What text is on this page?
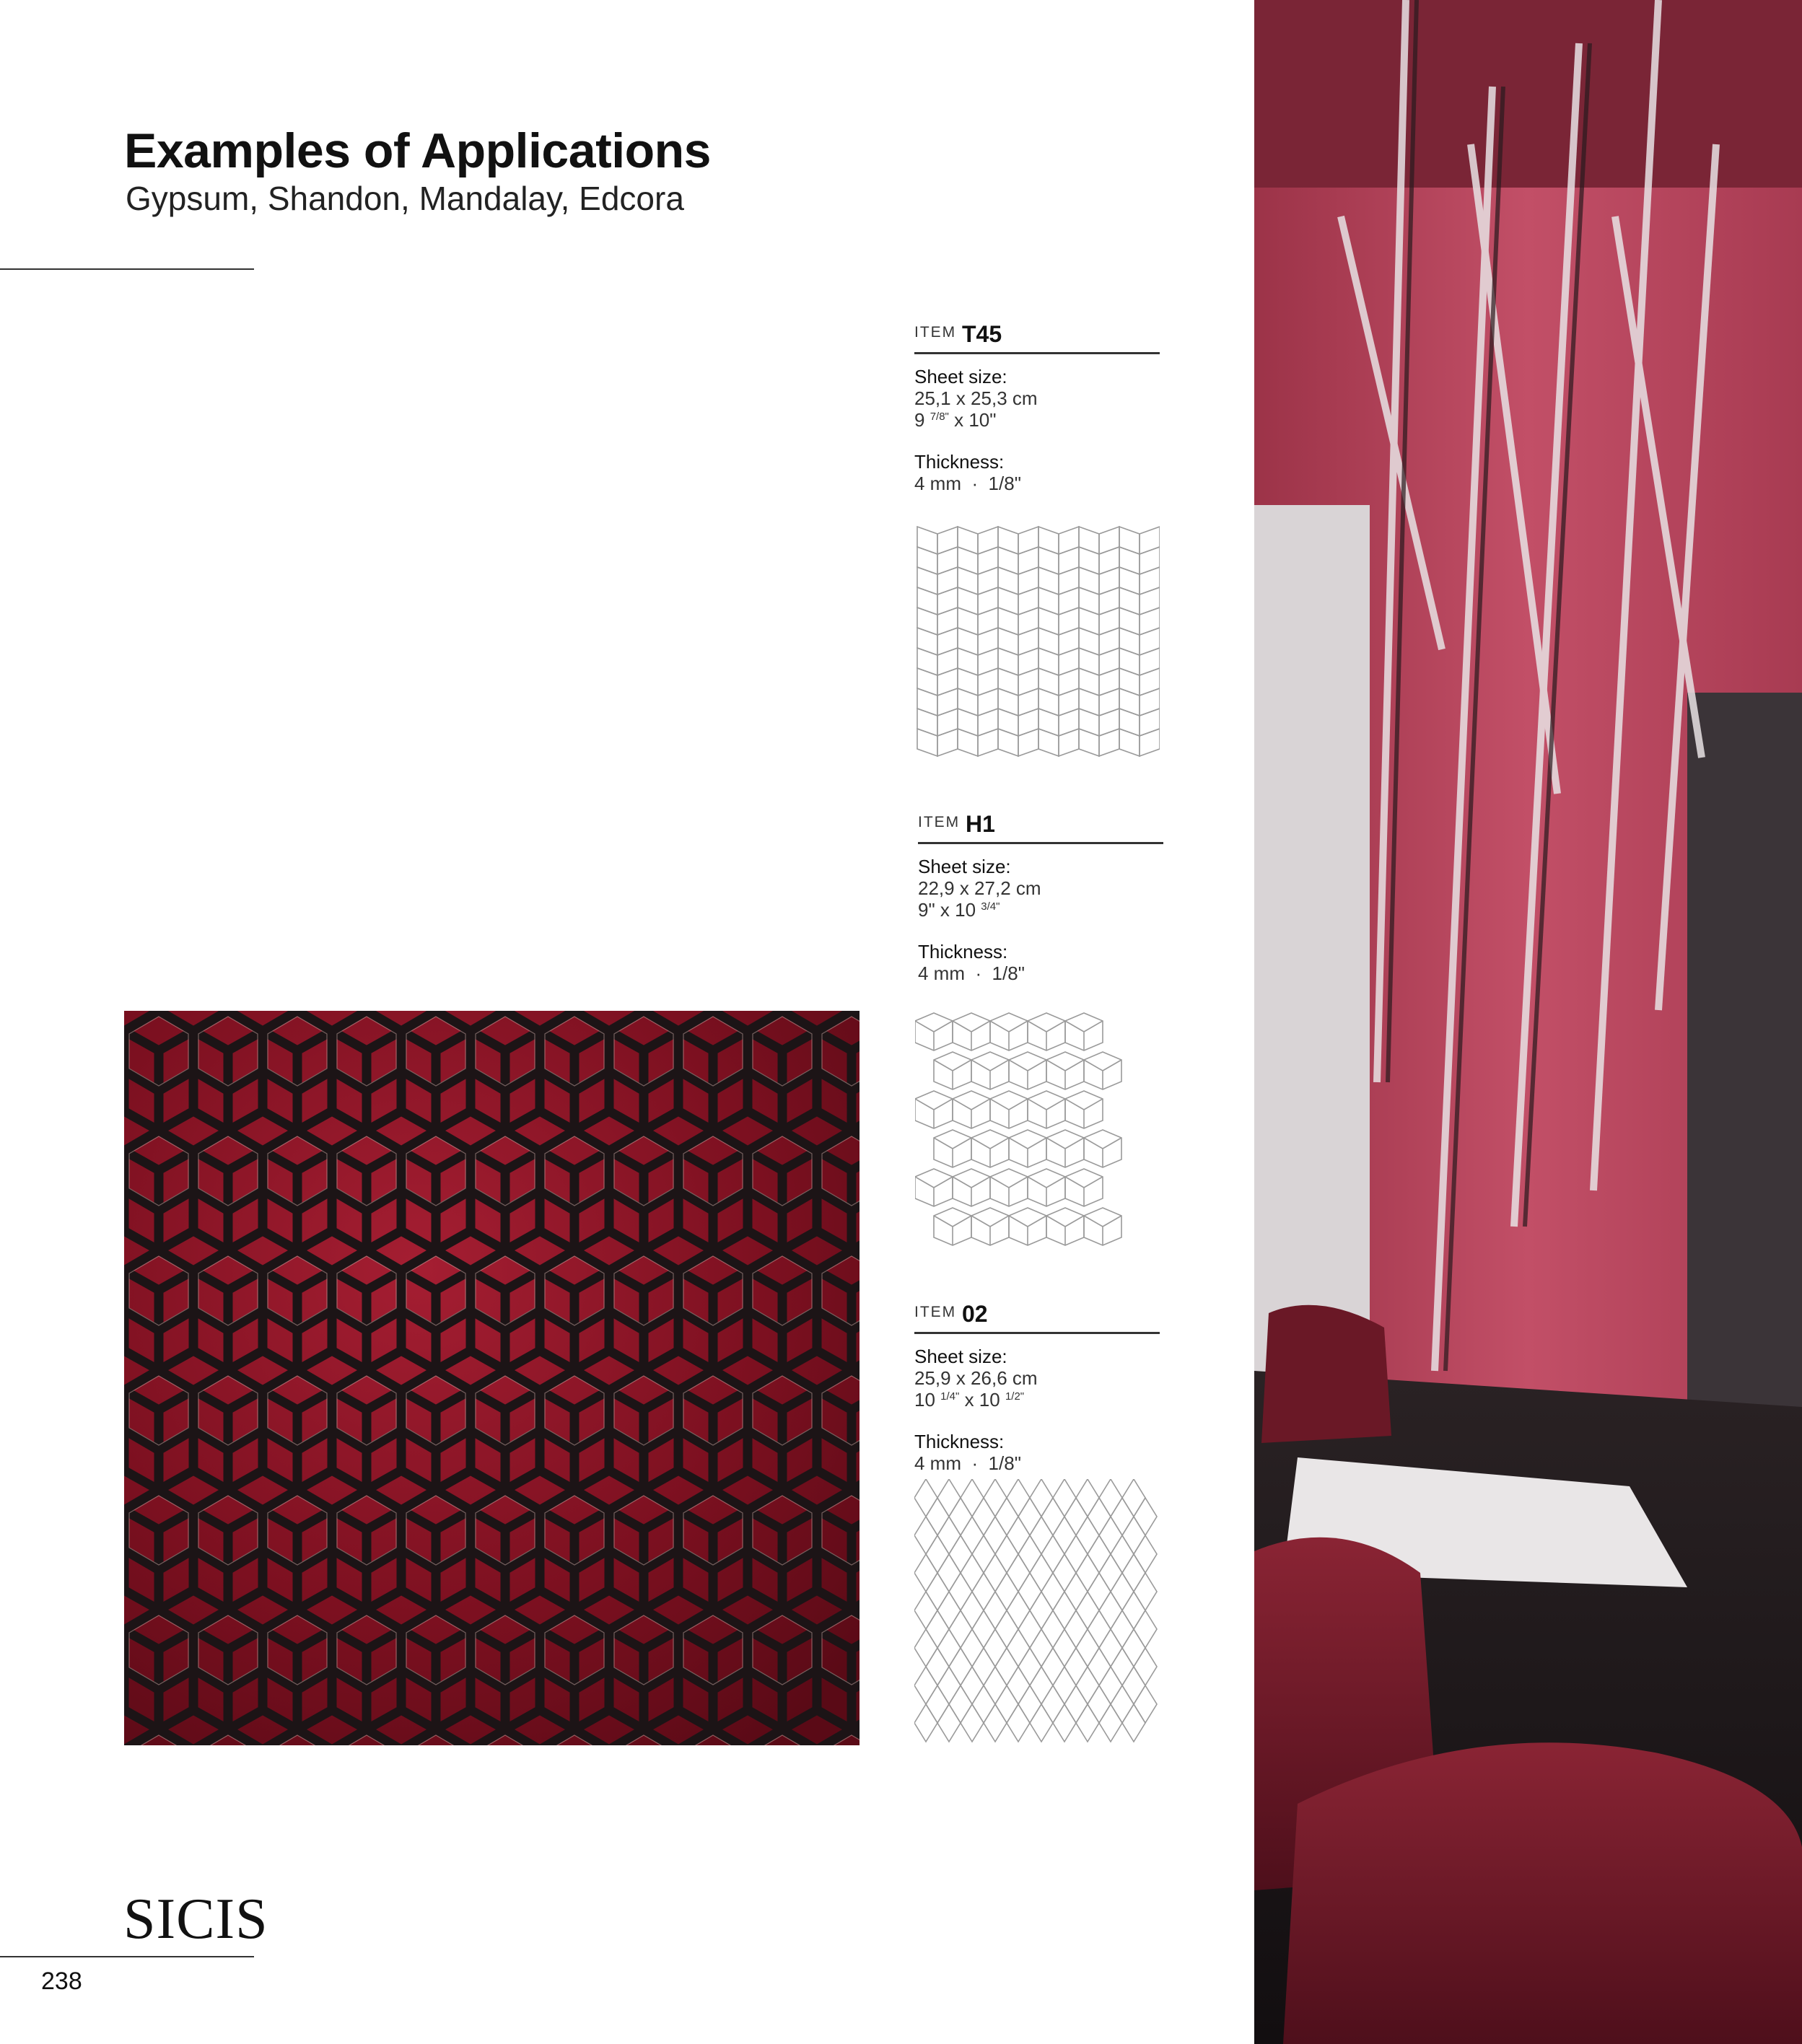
Examples of Applications
Gypsum, Shandon, Mandalay, Edcora
ITEM T45
Sheet size:
25,1 x 25,3 cm
9 $^{7/8"}$ x 10"
Thickness:
4 mm  ·  1/8"
ITEM H1
Sheet size:
22,9 x 27,2 cm
9" x 10 $^{3/4"}$
Thickness:
4 mm  ·  1/8"
ITEM 02
Sheet size:
25,9 x 26,6 cm
10 $^{1/4"}$ x 10 $^{1/2"}$
Thickness:
4 mm  ·  1/8"
SICIS
238
